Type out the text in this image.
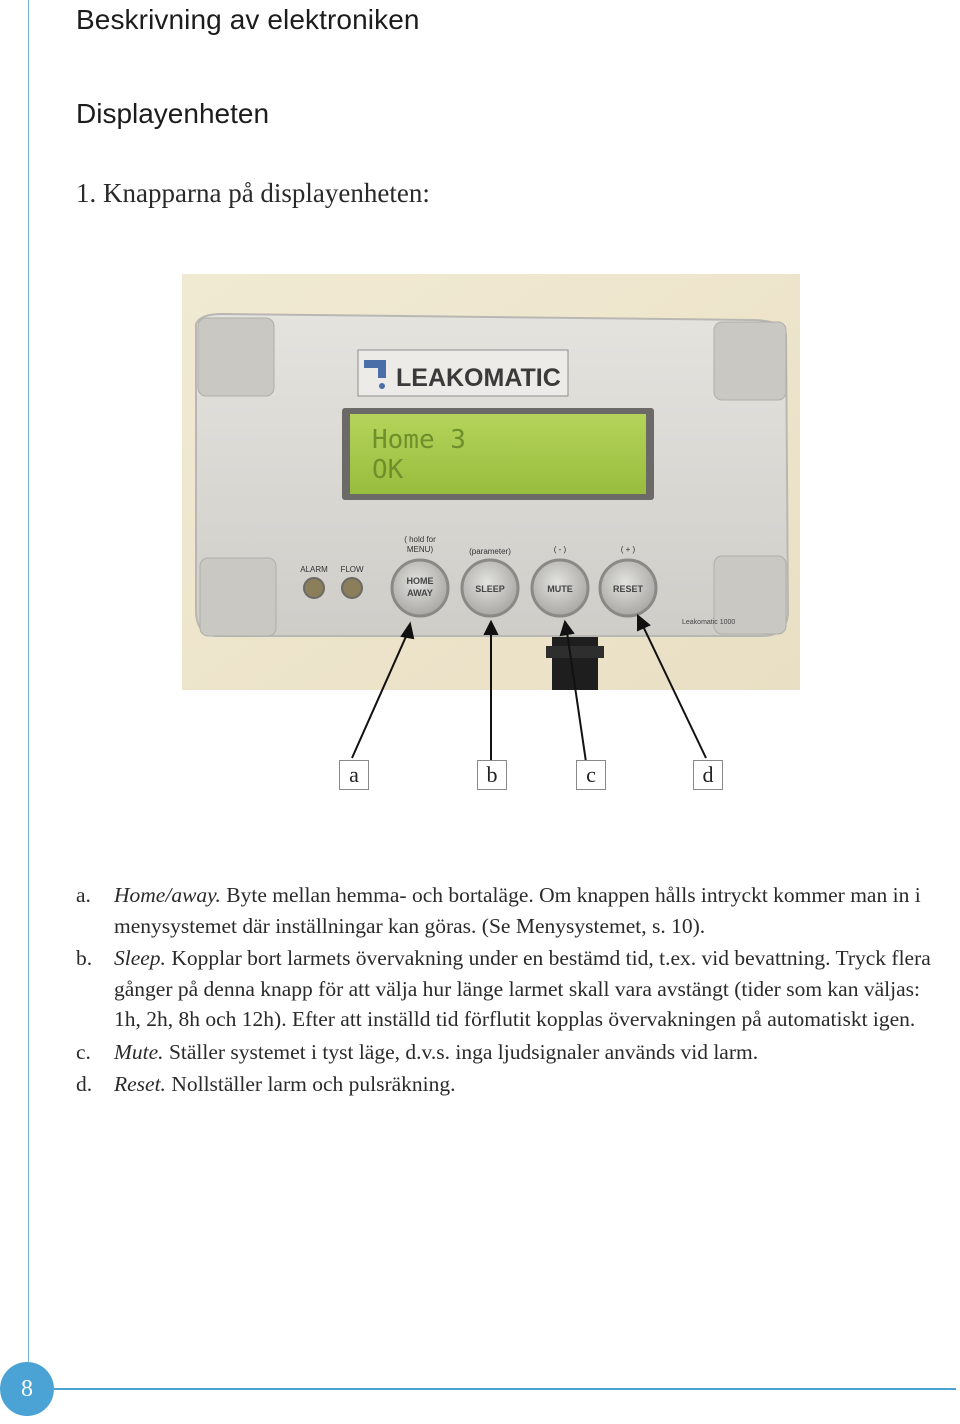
Beskrivning av elektroniken
Displayenheten
1. Knapparna på displayenheten:
LEAKOMATIC
Home 3
OK
( hold for
MENU)	(parameter)	( - )	( + )
ALARM FLOW
HOME
AWAY	SLEEP	MUTE	RESET
Leakomatic 1000
a	b	c	d
a.	Home/away. Byte mellan hemma- och bortaläge. Om knappen hålls intryckt kommer man in i menysystemet där inställningar kan göras. (Se Menysystemet, s. 10).
b.	Sleep. Kopplar bort larmets övervakning under en bestämd tid, t.ex. vid bevattning. Tryck flera gånger på denna knapp för att välja hur länge larmet skall vara avstängt (tider som kan väljas: 1h, 2h, 8h och 12h). Efter att inställd tid förflutit kopplas övervakningen på automatiskt igen.
c.	Mute. Ställer systemet i tyst läge, d.v.s. inga ljudsignaler används vid larm.
d.	Reset. Nollställer larm och pulsräkning.
8
